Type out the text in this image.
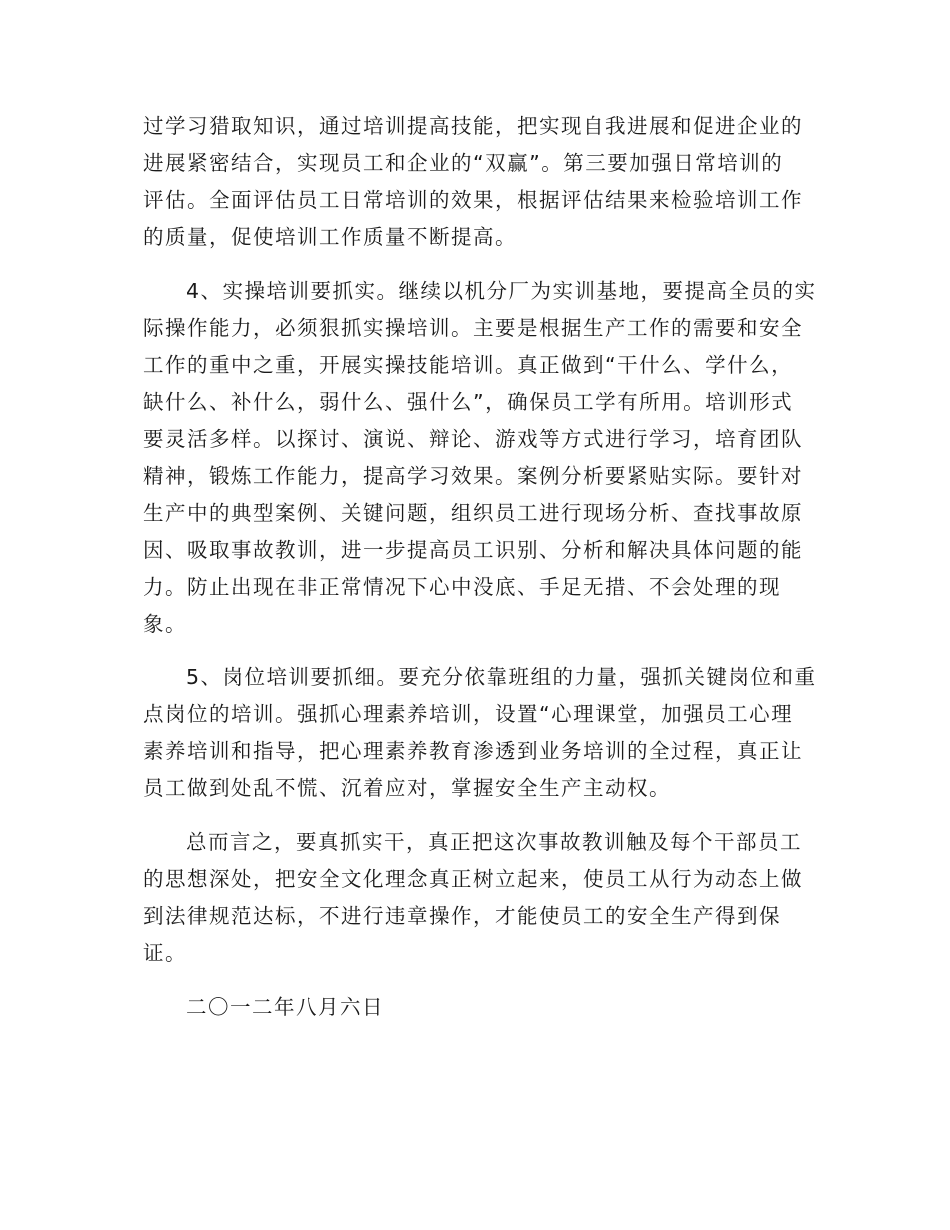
过学习猎取知识，通过培训提高技能，把实现自我进展和促进企业的

进展紧密结合，实现员工和企业的“双赢”。第三要加强日常培训的

评估。全面评估员工日常培训的效果，根据评估结果来检验培训工作

的质量，促使培训工作质量不断提高。

4、实操培训要抓实。继续以机分厂为实训基地，要提高全员的实

际操作能力，必须狠抓实操培训。主要是根据生产工作的需要和安全

工作的重中之重，开展实操技能培训。真正做到“干什么、学什么，

缺什么、补什么，弱什么、强什么”，确保员工学有所用。培训形式

要灵活多样。以探讨、演说、辩论、游戏等方式进行学习，培育团队

精神，锻炼工作能力，提高学习效果。案例分析要紧贴实际。要针对

生产中的典型案例、关键问题，组织员工进行现场分析、查找事故原

因、吸取事故教训，进一步提高员工识别、分析和解决具体问题的能

力。防止出现在非正常情况下心中没底、手足无措、不会处理的现

象。

5、岗位培训要抓细。要充分依靠班组的力量，强抓关键岗位和重

点岗位的培训。强抓心理素养培训，设置“心理课堂，加强员工心理

素养培训和指导，把心理素养教育渗透到业务培训的全过程，真正让

员工做到处乱不慌、沉着应对，掌握安全生产主动权。

总而言之，要真抓实干，真正把这次事故教训触及每个干部员工

的思想深处，把安全文化理念真正树立起来，使员工从行为动态上做

到法律规范达标，不进行违章操作，才能使员工的安全生产得到保

证。

二〇一二年八月六日
